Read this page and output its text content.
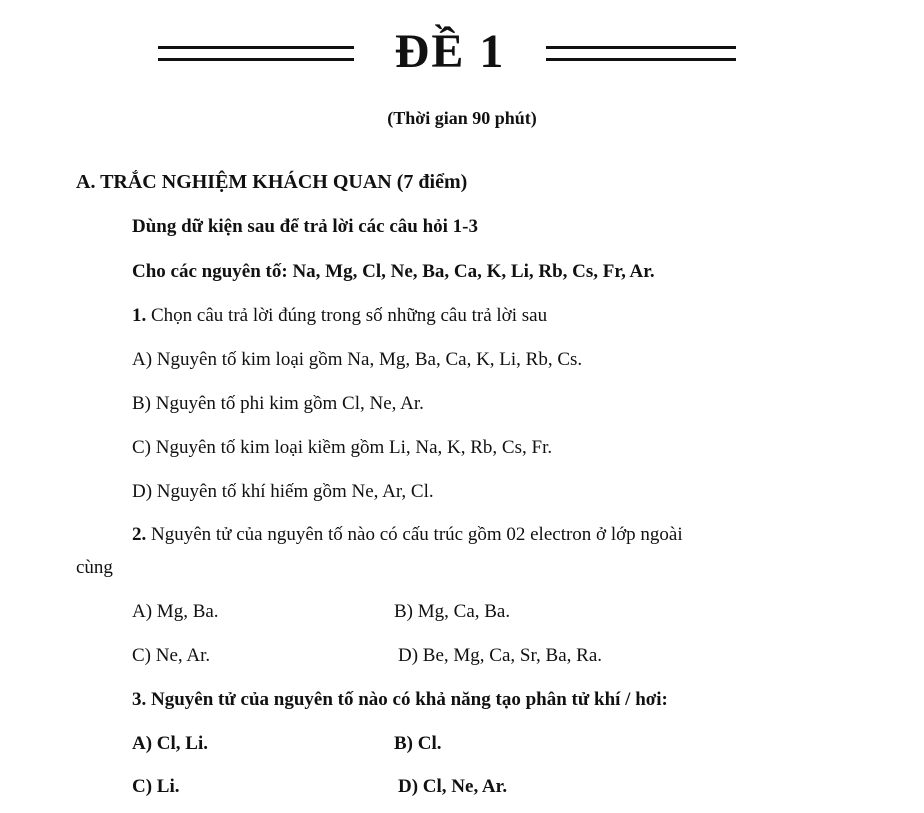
ĐỀ 1
(Thời gian 90 phút)
A. TRẮC NGHIỆM KHÁCH QUAN (7 điểm)
Dùng dữ kiện sau để trả lời các câu hỏi 1-3
Cho các nguyên tố: Na, Mg, Cl, Ne, Ba, Ca, K, Li, Rb, Cs, Fr, Ar.
1. Chọn câu trả lời đúng trong số những câu trả lời sau
A) Nguyên tố kim loại gồm Na, Mg, Ba, Ca, K, Li, Rb, Cs.
B) Nguyên tố phi kim gồm Cl, Ne, Ar.
C) Nguyên tố kim loại kiềm gồm Li, Na, K, Rb, Cs, Fr.
D) Nguyên tố khí hiếm gồm Ne, Ar, Cl.
2. Nguyên tử của nguyên tố nào có cấu trúc gồm 02 electron ở lớp ngoài
cùng
A) Mg, Ba.	B) Mg, Ca, Ba.
C) Ne, Ar.	D) Be, Mg, Ca, Sr, Ba, Ra.
3. Nguyên tử của nguyên tố nào có khả năng tạo phân tử khí / hơi:
A) Cl, Li.	B) Cl.
C) Li.	D) Cl, Ne, Ar.
